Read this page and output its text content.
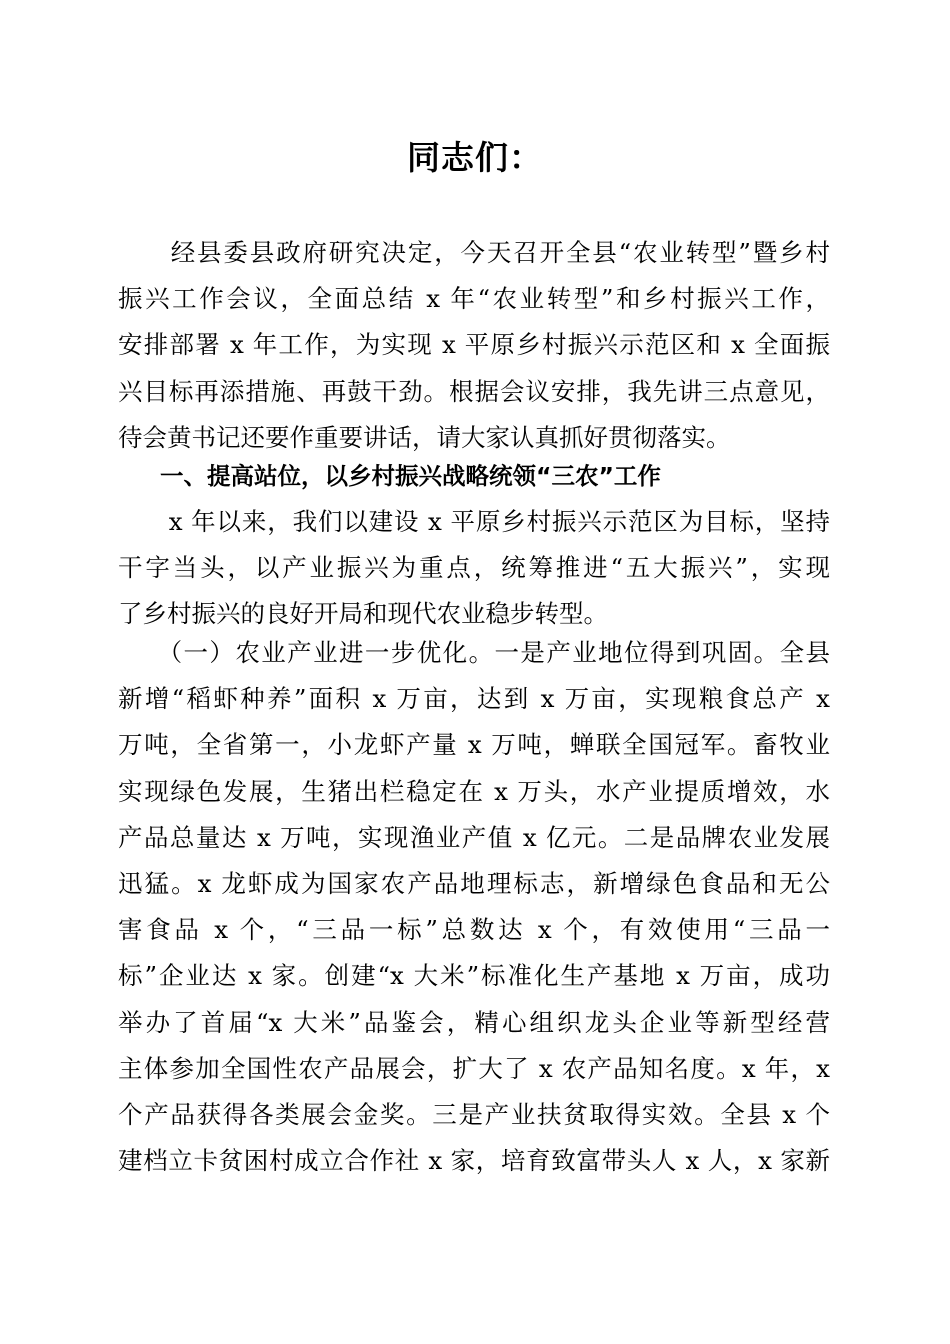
同志们：
　　经县委县政府研究决定，今天召开全县“农业转型”暨乡村
振兴工作会议，全面总结 x 年“农业转型”和乡村振兴工作，
安排部署 x 年工作，为实现 x 平原乡村振兴示范区和 x 全面振
兴目标再添措施、再鼓干劲。根据会议安排，我先讲三点意见，
待会黄书记还要作重要讲话，请大家认真抓好贯彻落实。
一、提高站位，以乡村振兴战略统领“三农”工作
　　x 年以来，我们以建设 x 平原乡村振兴示范区为目标，坚持
干字当头，以产业振兴为重点，统筹推进“五大振兴”，实现
了乡村振兴的良好开局和现代农业稳步转型。
　　（一）农业产业进一步优化。一是产业地位得到巩固。全县
新增“稻虾种养”面积 x 万亩，达到 x 万亩，实现粮食总产 x
万吨，全省第一，小龙虾产量 x 万吨，蝉联全国冠军。畜牧业
实现绿色发展，生猪出栏稳定在 x 万头，水产业提质增效，水
产品总量达 x 万吨，实现渔业产值 x 亿元。二是品牌农业发展
迅猛。x 龙虾成为国家农产品地理标志，新增绿色食品和无公
害食品 x 个，“三品一标”总数达 x 个，有效使用“三品一
标”企业达 x 家。创建“x 大米”标准化生产基地 x 万亩，成功
举办了首届“x 大米”品鉴会，精心组织龙头企业等新型经营
主体参加全国性农产品展会，扩大了 x 农产品知名度。x 年，x
个产品获得各类展会金奖。三是产业扶贫取得实效。全县 x 个
建档立卡贫困村成立合作社 x 家，培育致富带头人 x 人，x 家新
